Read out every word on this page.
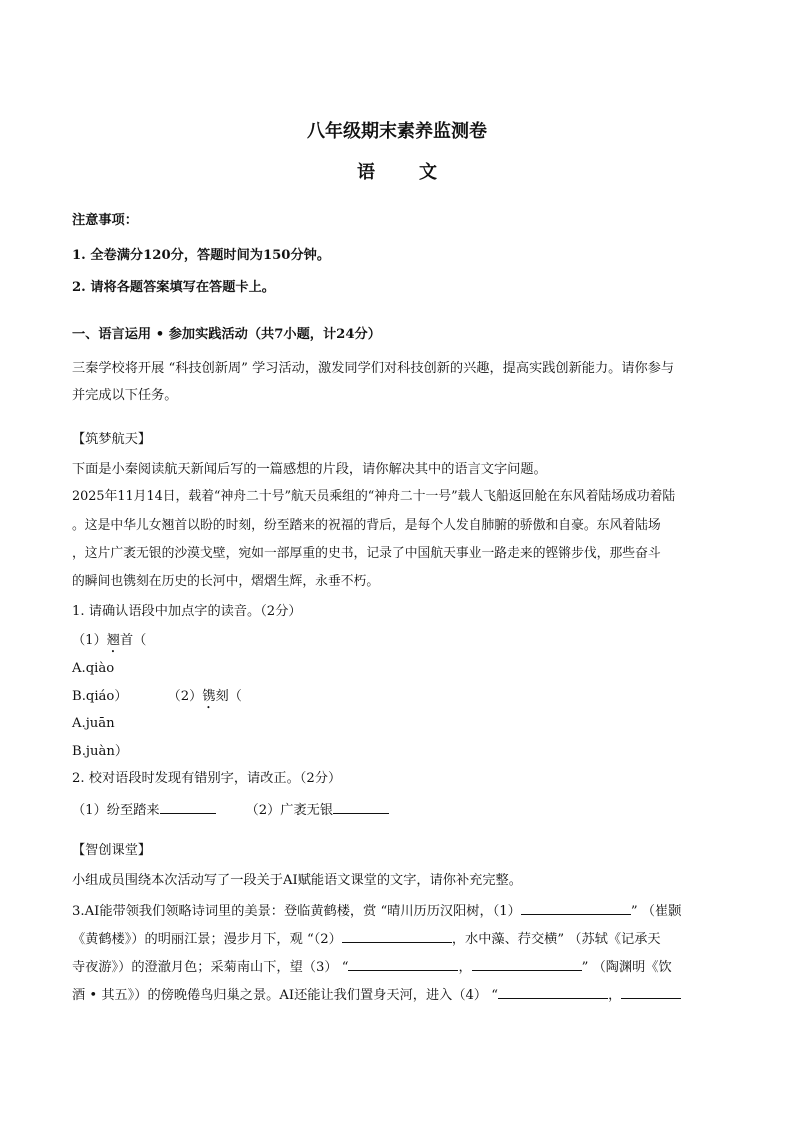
八年级期末素养监测卷
语文
注意事项：
1. 全卷满分120分，答题时间为150分钟。
2. 请将各题答案填写在答题卡上。
一、语言运用 • 参加实践活动（共7小题，计24分）
三秦学校将开展 “科技创新周” 学习活动，激发同学们对科技创新的兴趣，提高实践创新能力。请你参与
并完成以下任务。
【筑梦航天】
下面是小秦阅读航天新闻后写的一篇感想的片段，请你解决其中的语言文字问题。
2025年11月14日，载着“神舟二十号”航天员乘组的“神舟二十一号”载人飞船返回舱在东风着陆场成功着陆
。这是中华儿女翘首以盼的时刻，纷至踏来的祝福的背后，是每个人发自肺腑的骄傲和自豪。东风着陆场
，这片广袤无银的沙漠戈壁，宛如一部厚重的史书，记录了中国航天事业一路走来的铿锵步伐，那些奋斗
的瞬间也镌刻在历史的长河中，熠熠生辉，永垂不朽。
1. 请确认语段中加点字的读音。（2分）
（1）翘首（
A.qiào
B.qiáo）	（2）镌刻（
A.juān
B.juàn）
2. 校对语段时发现有错别字，请改正。（2分）
（1）纷至踏来	（2）广袤无银
【智创课堂】
小组成员围绕本次活动写了一段关于AI赋能语文课堂的文字，请你补充完整。
3.AI能带领我们领略诗词里的美景：登临黄鹤楼，赏 “晴川历历汉阳树，（1）	” （崔颢
《黄鹤楼》）的明丽江景；漫步月下，观 “（2）	，水中藻、荇交横” （苏轼《记承天
寺夜游》）的澄澈月色；采菊南山下，望（3） “	，	” （陶渊明《饮
酒 • 其五》）的傍晚倦鸟归巢之景。AI还能让我们置身天河，进入（4） “	，
